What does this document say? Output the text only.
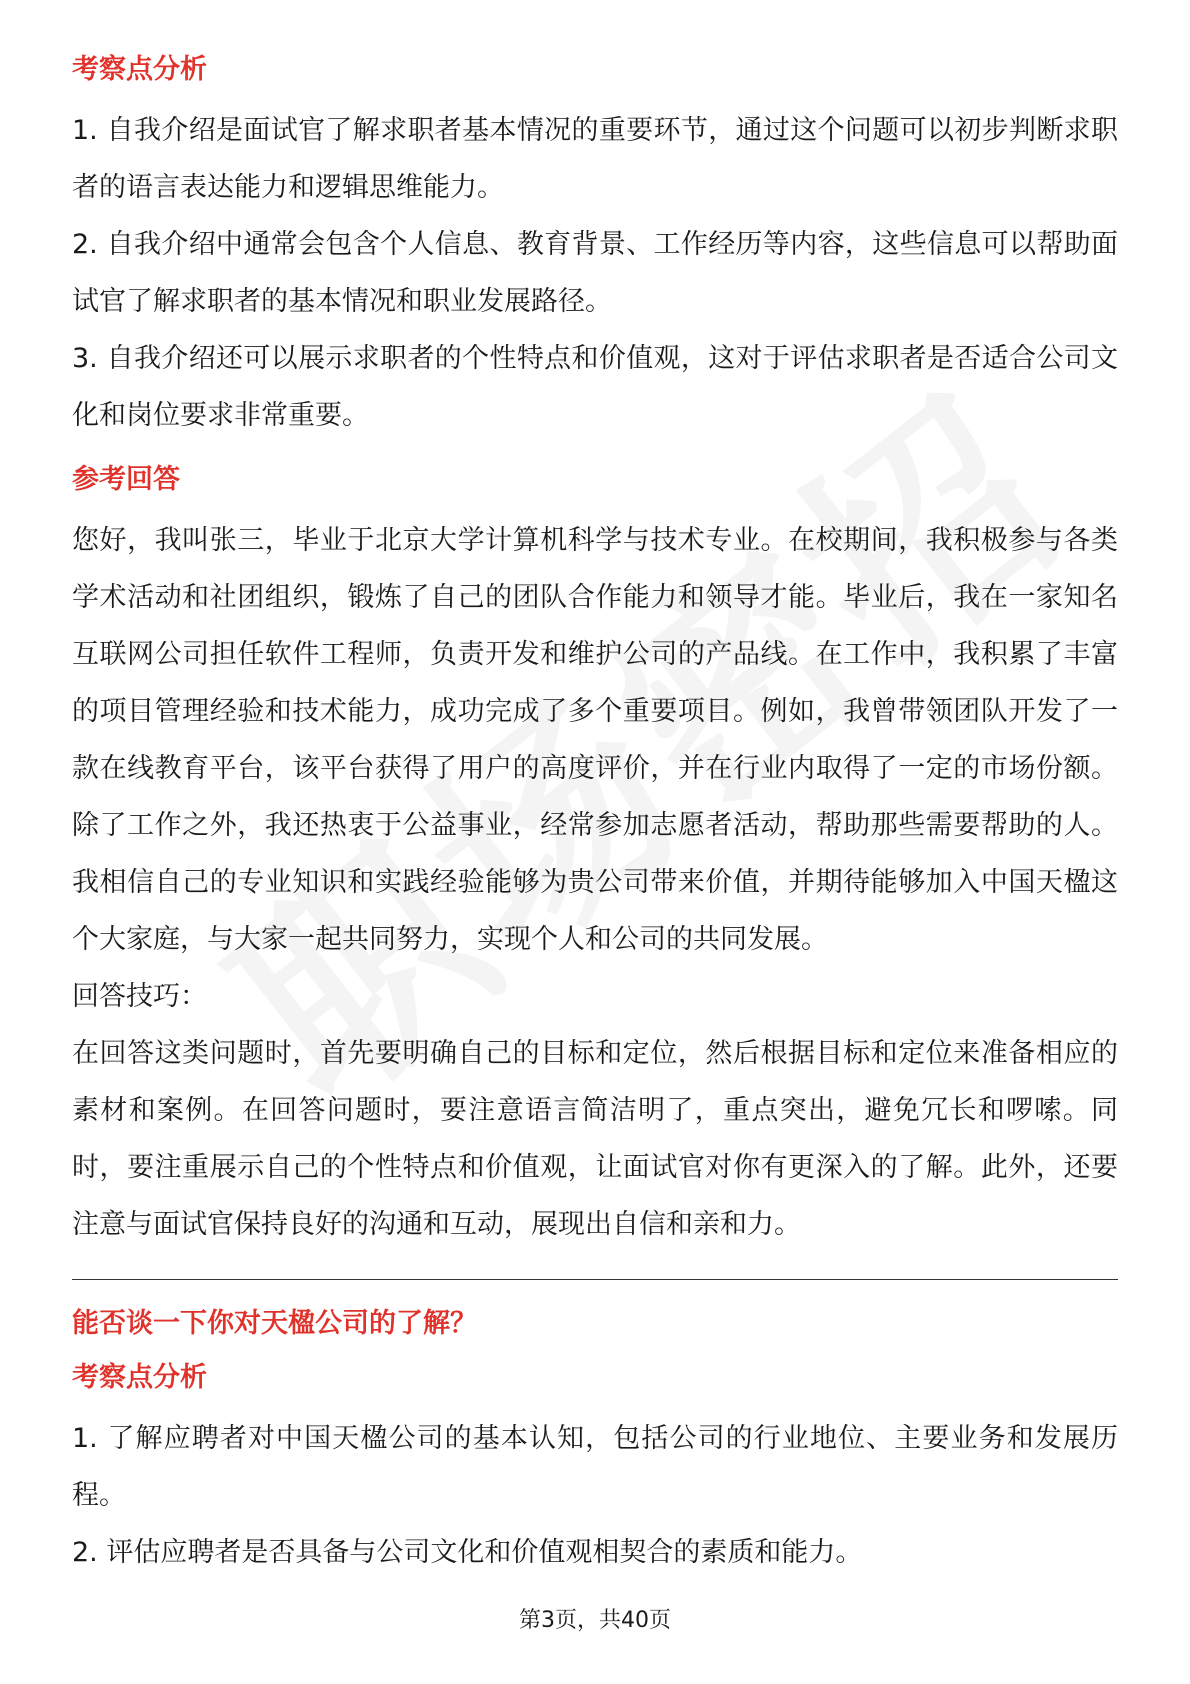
考察点分析

1. 自我介绍是面试官了解求职者基本情况的重要环节，通过这个问题可以初步判断求职者的语言表达能力和逻辑思维能力。

2. 自我介绍中通常会包含个人信息、教育背景、工作经历等内容，这些信息可以帮助面试官了解求职者的基本情况和职业发展路径。

3. 自我介绍还可以展示求职者的个性特点和价值观，这对于评估求职者是否适合公司文化和岗位要求非常重要。

参考回答

您好，我叫张三，毕业于北京大学计算机科学与技术专业。在校期间，我积极参与各类学术活动和社团组织，锻炼了自己的团队合作能力和领导才能。毕业后，我在一家知名互联网公司担任软件工程师，负责开发和维护公司的产品线。在工作中，我积累了丰富的项目管理经验和技术能力，成功完成了多个重要项目。例如，我曾带领团队开发了一款在线教育平台，该平台获得了用户的高度评价，并在行业内取得了一定的市场份额。除了工作之外，我还热衷于公益事业，经常参加志愿者活动，帮助那些需要帮助的人。我相信自己的专业知识和实践经验能够为贵公司带来价值，并期待能够加入中国天楹这个大家庭，与大家一起共同努力，实现个人和公司的共同发展。

回答技巧：

在回答这类问题时，首先要明确自己的目标和定位，然后根据目标和定位来准备相应的素材和案例。在回答问题时，要注意语言简洁明了，重点突出，避免冗长和啰嗦。同时，要注重展示自己的个性特点和价值观，让面试官对你有更深入的了解。此外，还要注意与面试官保持良好的沟通和互动，展现出自信和亲和力。

能否谈一下你对天楹公司的了解？

考察点分析

1. 了解应聘者对中国天楹公司的基本认知，包括公司的行业地位、主要业务和发展历程。

2. 评估应聘者是否具备与公司文化和价值观相契合的素质和能力。

第3页，共40页
